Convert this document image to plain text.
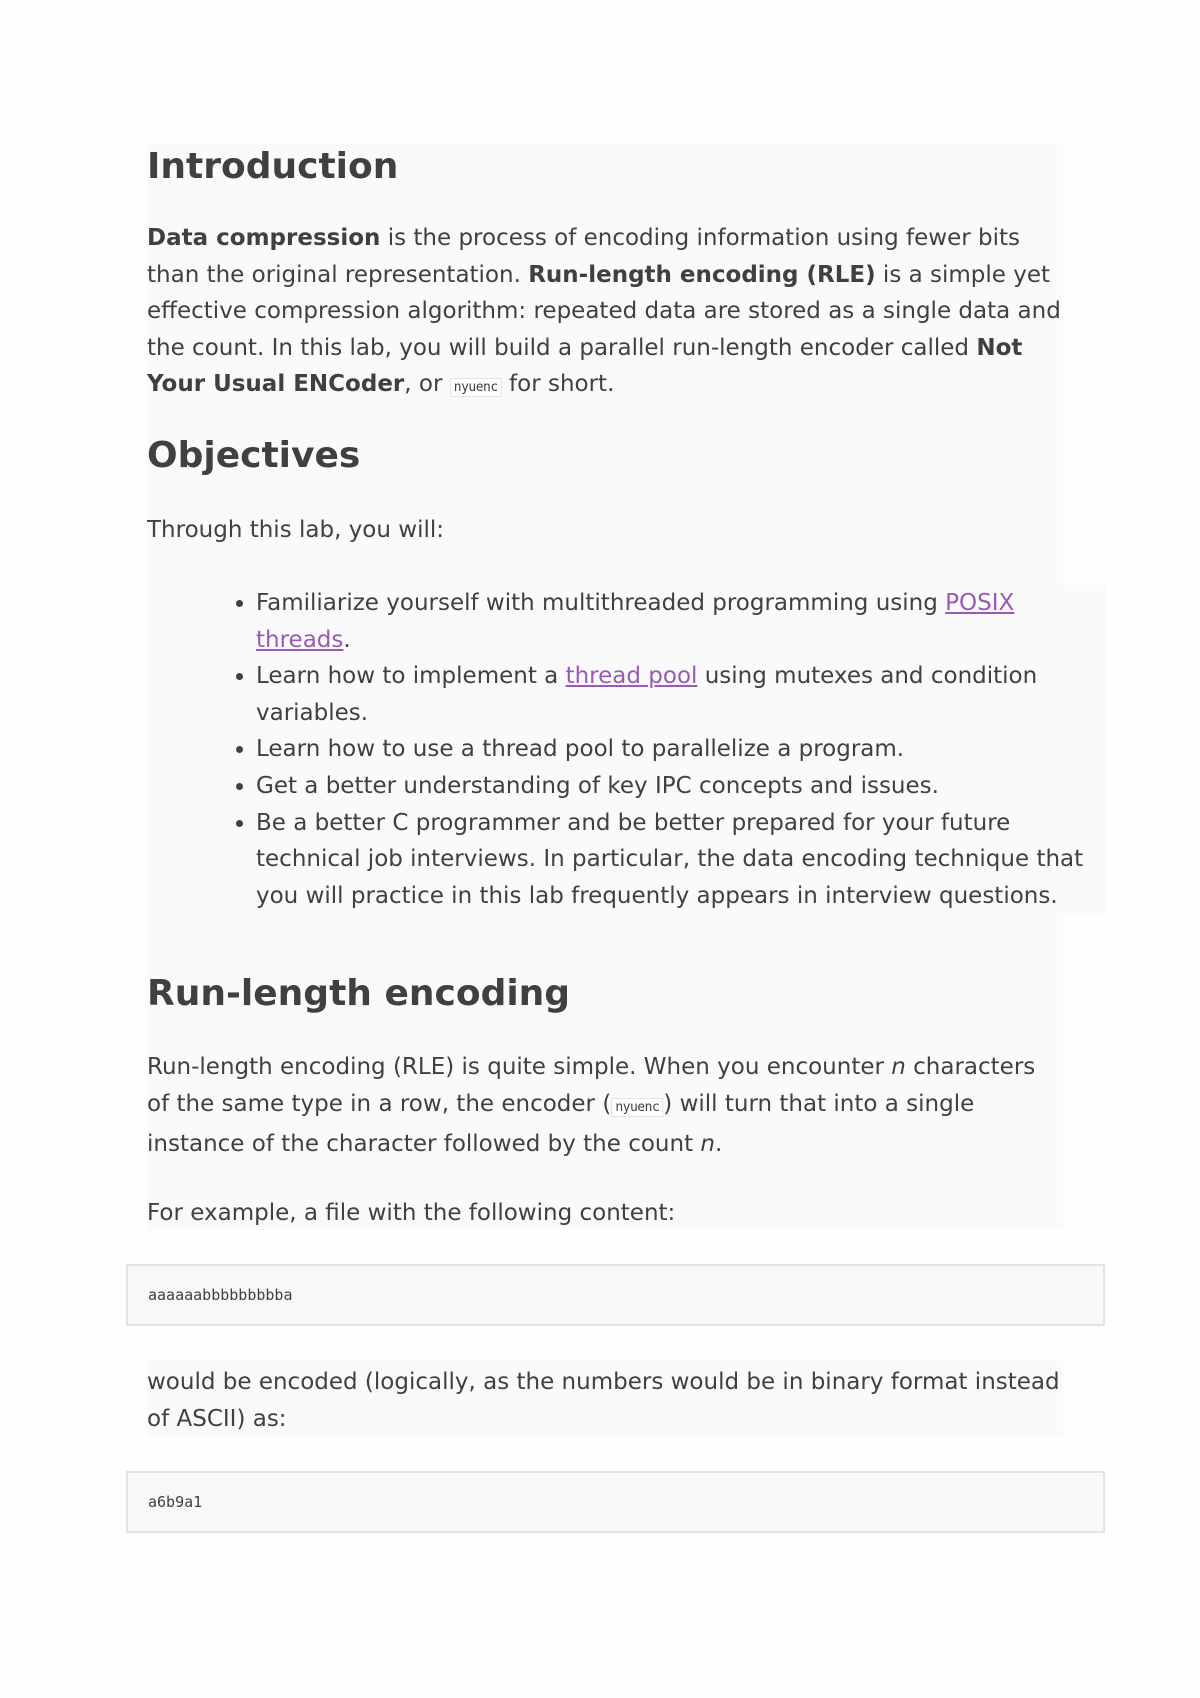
Introduction

Data compression is the process of encoding information using fewer bits than the original representation. Run-length encoding (RLE) is a simple yet effective compression algorithm: repeated data are stored as a single data and the count. In this lab, you will build a parallel run-length encoder called Not Your Usual ENCoder, or nyuenc for short.

Objectives

Through this lab, you will:

• Familiarize yourself with multithreaded programming using POSIX threads.
• Learn how to implement a thread pool using mutexes and condition variables.
• Learn how to use a thread pool to parallelize a program.
• Get a better understanding of key IPC concepts and issues.
• Be a better C programmer and be better prepared for your future technical job interviews. In particular, the data encoding technique that you will practice in this lab frequently appears in interview questions.
Run-length encoding

Run-length encoding (RLE) is quite simple. When you encounter n characters of the same type in a row, the encoder ( nyuenc ) will turn that into a single instance of the character followed by the count n.

For example, a file with the following content:

aaaaaabbbbbbbbba

would be encoded (logically, as the numbers would be in binary format instead of ASCII) as:

a6b9a1
